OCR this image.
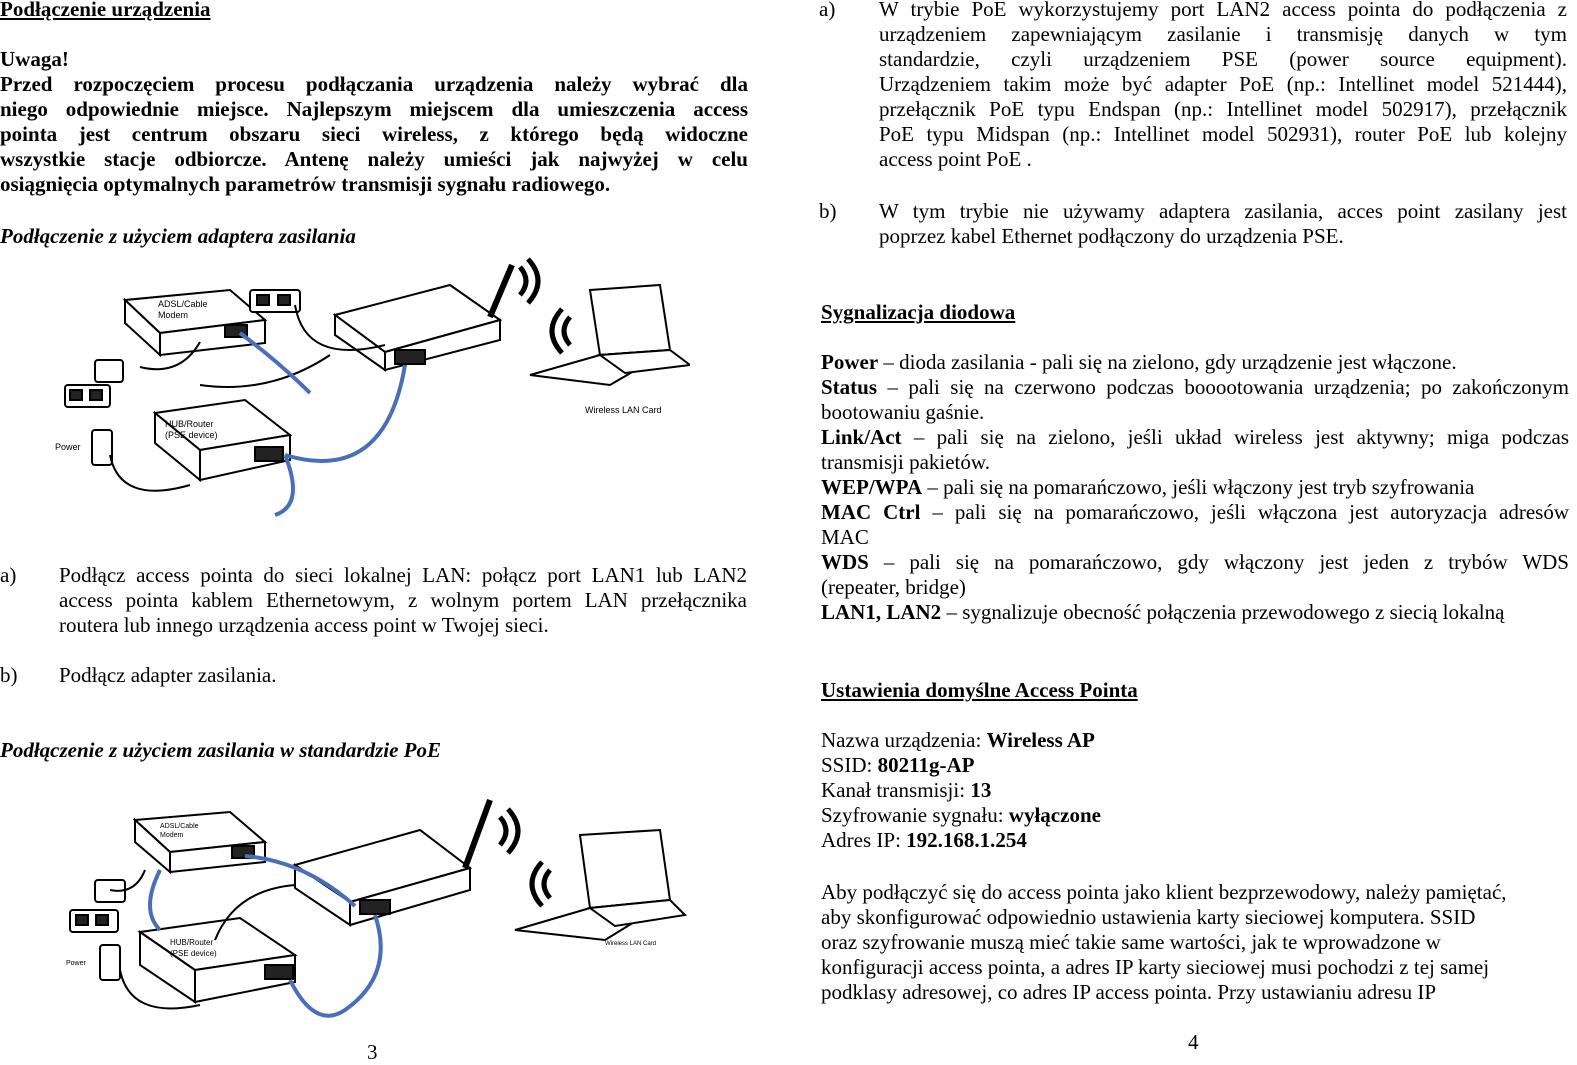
Podłączenie urządzenia
Uwaga!
Przed rozpoczęciem procesu podłączania urządzenia należy wybrać dla
niego odpowiednie miejsce. Najlepszym miejscem dla umieszczenia access
pointa jest centrum obszaru sieci wireless, z którego będą widoczne
wszystkie stacje odbiorcze. Antenę należy umieści jak najwyżej w celu
osiągnięcia optymalnych parametrów transmisji sygnału radiowego.
Podłączenie z użyciem adaptera zasilania
ADSL/Cable
Modem
HUB/Router
(PSE device)
Power
Wireless LAN Card
a) Podłącz access pointa do sieci lokalnej LAN: połącz port LAN1 lub LAN2
access pointa kablem Ethernetowym, z wolnym portem LAN przełącznika
routera lub innego urządzenia access point w Twojej sieci.
b) Podłącz adapter zasilania.
Podłączenie z użyciem zasilania w standardzie PoE
ADSL/Cable
Modem
HUB/Router
(PSE device)
Power
Wireless LAN Card
3
a) W trybie PoE wykorzystujemy port LAN2 access pointa do podłączenia z
urządzeniem zapewniającym zasilanie i transmisję danych w tym
standardzie, czyli urządzeniem PSE (power source equipment).
Urządzeniem takim może być adapter PoE (np.: Intellinet model 521444),
przełącznik PoE typu Endspan (np.: Intellinet model 502917), przełącznik
PoE typu Midspan (np.: Intellinet model 502931), router PoE lub kolejny
access point PoE .
b) W tym trybie nie używamy adaptera zasilania, acces point zasilany jest
poprzez kabel Ethernet podłączony do urządzenia PSE.
Sygnalizacja diodowa
Power – dioda zasilania - pali się na zielono, gdy urządzenie jest włączone.
Status – pali się na czerwono podczas booootowania urządzenia; po zakończonym
bootowaniu gaśnie.
Link/Act – pali się na zielono, jeśli układ wireless jest aktywny; miga podczas
transmisji pakietów.
WEP/WPA – pali się na pomarańczowo, jeśli włączony jest tryb szyfrowania
MAC Ctrl – pali się na pomarańczowo, jeśli włączona jest autoryzacja adresów
MAC
WDS – pali się na pomarańczowo, gdy włączony jest jeden z trybów WDS
(repeater, bridge)
LAN1, LAN2 – sygnalizuje obecność połączenia przewodowego z siecią lokalną
Ustawienia domyślne Access Pointa
Nazwa urządzenia: Wireless AP
SSID: 80211g-AP
Kanał transmisji: 13
Szyfrowanie sygnału: wyłączone
Adres IP: 192.168.1.254
Aby podłączyć się do access pointa jako klient bezprzewodowy, należy pamiętać,
aby skonfigurować odpowiednio ustawienia karty sieciowej komputera. SSID
oraz szyfrowanie muszą mieć takie same wartości, jak te wprowadzone w
konfiguracji access pointa, a adres IP karty sieciowej musi pochodzi z tej samej
podklasy adresowej, co adres IP access pointa. Przy ustawianiu adresu IP
4
